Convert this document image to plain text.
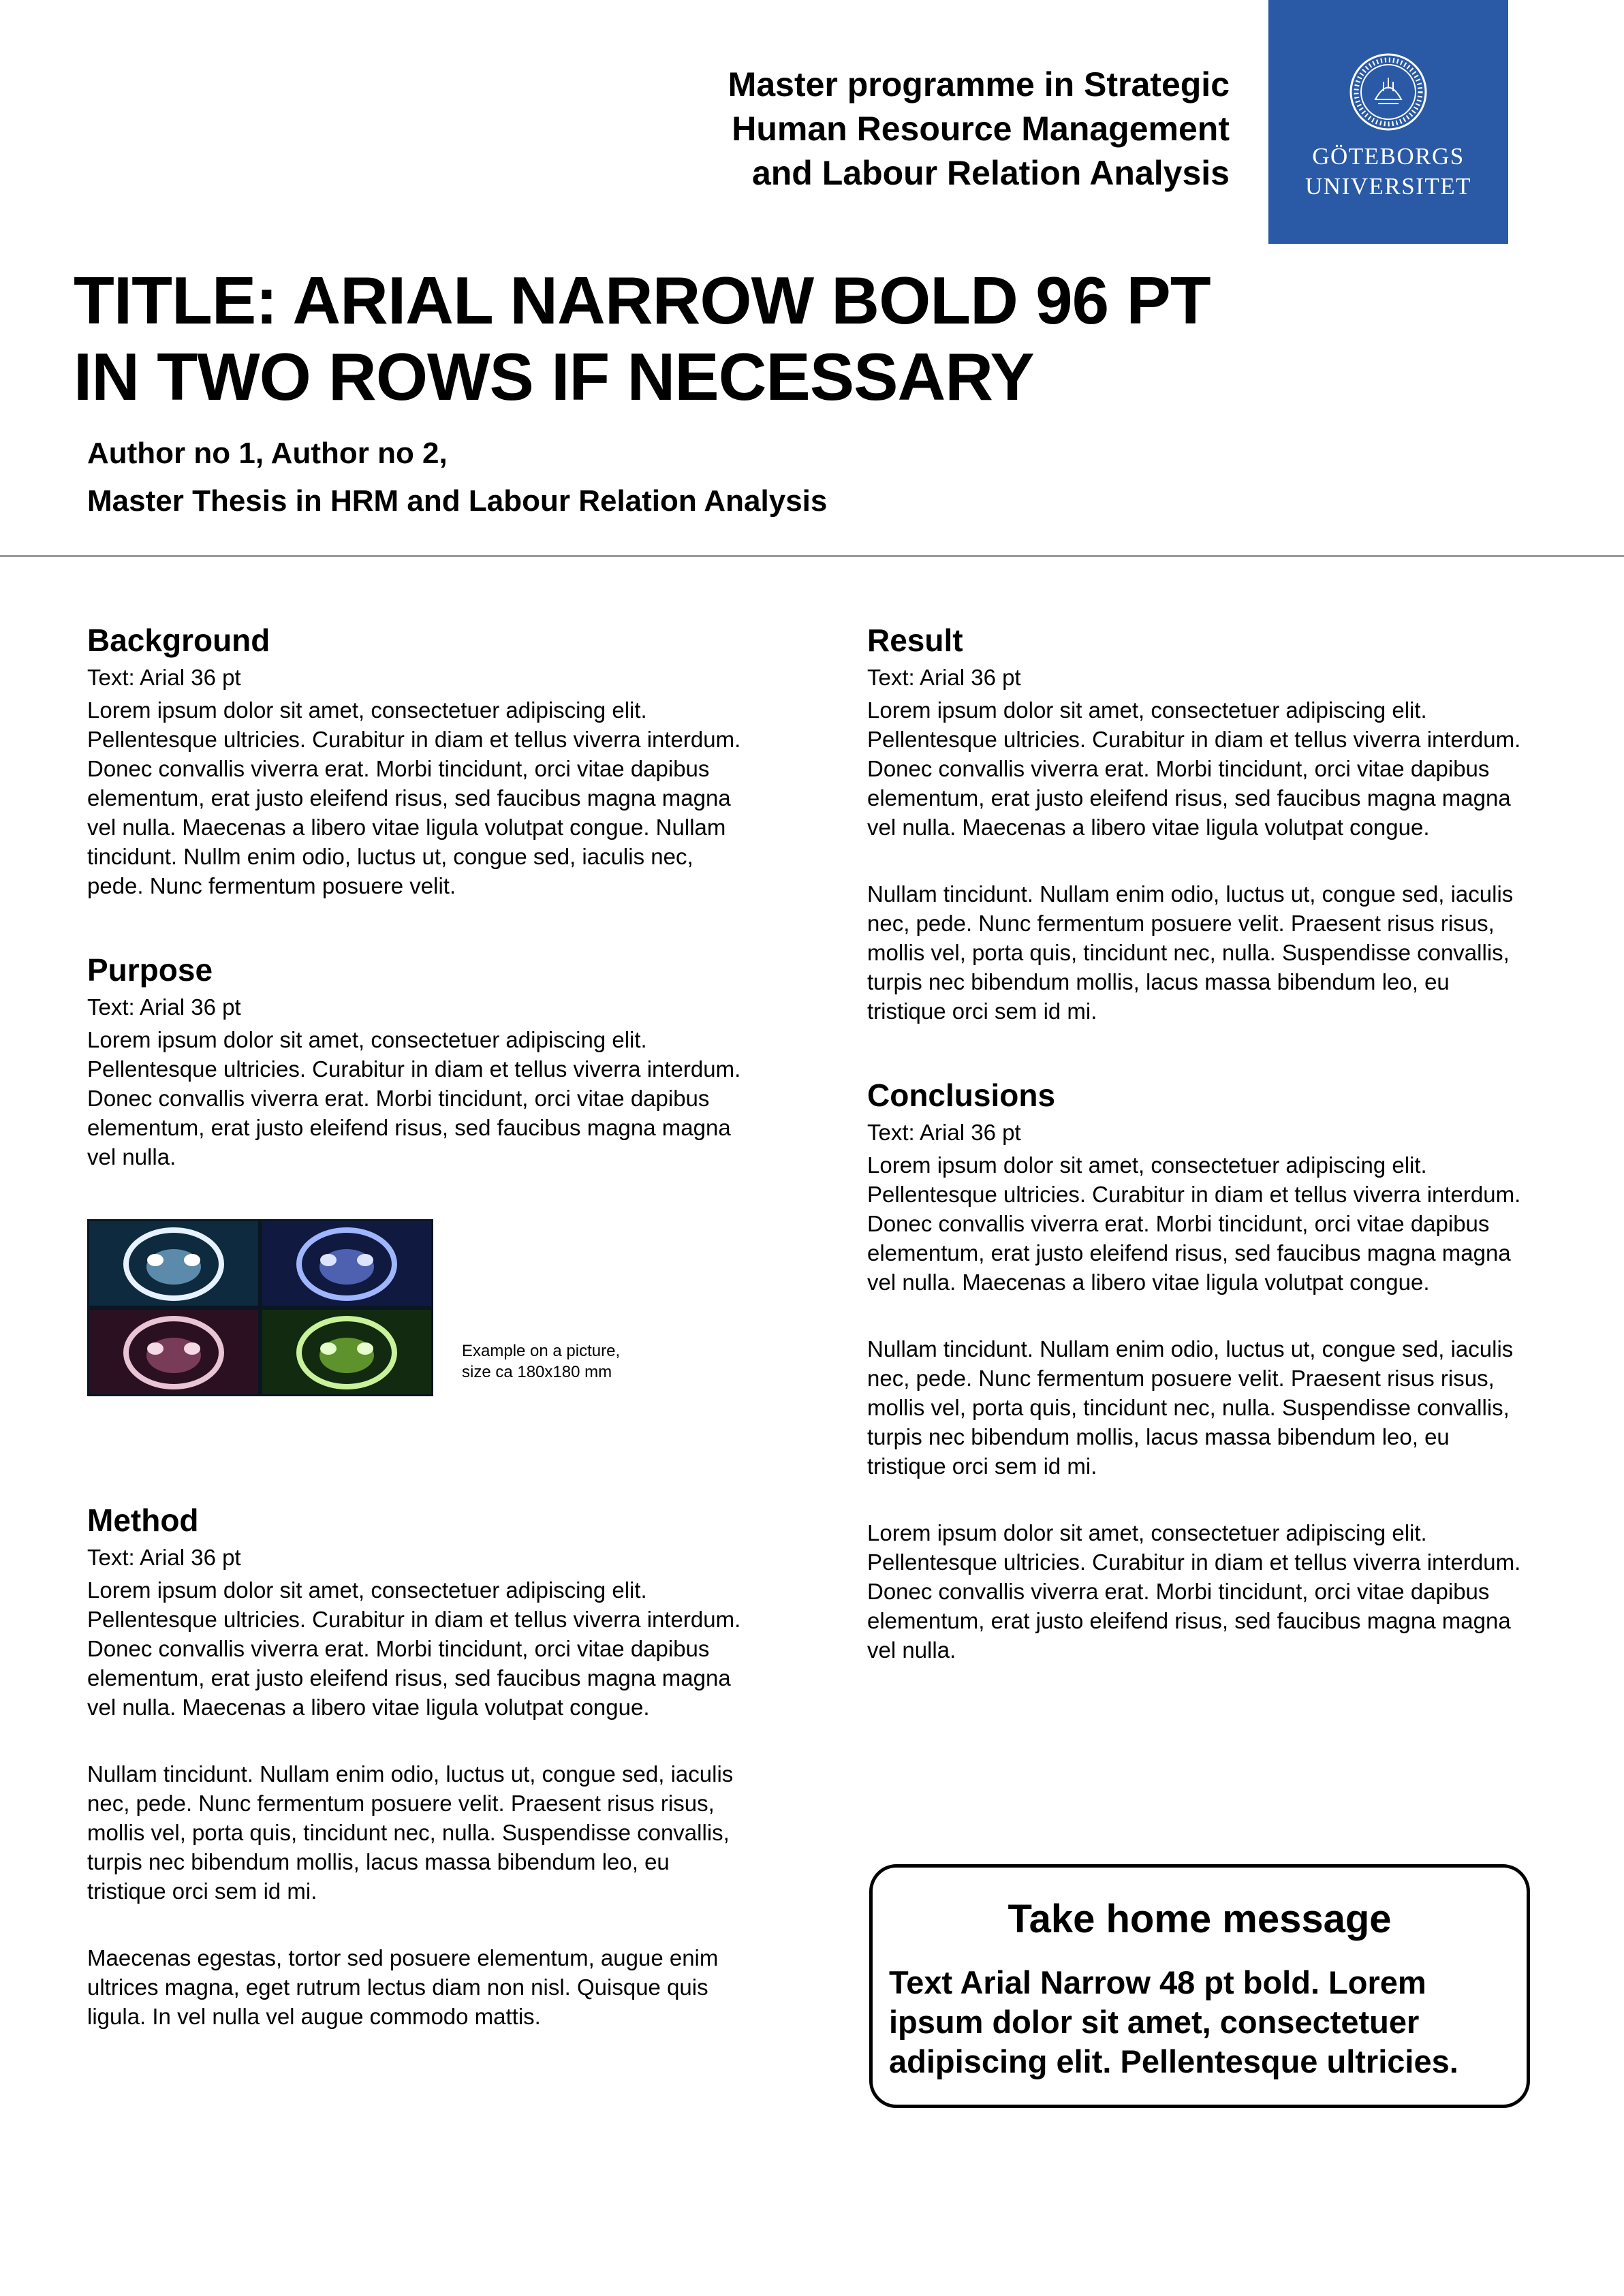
Master programme in Strategic
Human Resource Management
and Labour Relation Analysis	GÖTEBORGS
UNIVERSITET
TITLE: ARIAL NARROW BOLD 96 PT
IN TWO ROWS IF NECESSARY
Author no 1, Author no 2,
Master Thesis in HRM and Labour Relation Analysis
Background
Text: Arial 36 pt

Lorem ipsum dolor sit amet, consectetuer adipiscing elit. Pellentesque ultricies. Curabitur in diam et tellus viverra interdum. Donec convallis viverra erat. Morbi tincidunt, orci vitae dapibus elementum, erat justo eleifend risus, sed faucibus magna magna vel nulla. Maecenas a libero vitae ligula volutpat congue. Nullam tincidunt. Nullm enim odio, luctus ut, congue sed, iaculis nec, pede. Nunc fermentum posuere velit.

Purpose
Text: Arial 36 pt

Lorem ipsum dolor sit amet, consectetuer adipiscing elit. Pellentesque ultricies. Curabitur in diam et tellus viverra interdum. Donec convallis viverra erat. Morbi tincidunt, orci vitae dapibus elementum, erat justo eleifend risus, sed faucibus magna magna vel nulla.

Example on a picture,
size ca 180x180 mm
Method
Text: Arial 36 pt

Lorem ipsum dolor sit amet, consectetuer adipiscing elit. Pellentesque ultricies. Curabitur in diam et tellus viverra interdum. Donec convallis viverra erat. Morbi tincidunt, orci vitae dapibus elementum, erat justo eleifend risus, sed faucibus magna magna vel nulla. Maecenas a libero vitae ligula volutpat congue.

Nullam tincidunt. Nullam enim odio, luctus ut, congue sed, iaculis nec, pede. Nunc fermentum posuere velit. Praesent risus risus, mollis vel, porta quis, tincidunt nec, nulla. Suspendisse convallis, turpis nec bibendum mollis, lacus massa bibendum leo, eu tristique orci sem id mi.

Maecenas egestas, tortor sed posuere elementum, augue enim ultrices magna, eget rutrum lectus diam non nisl. Quisque quis ligula. In vel nulla vel augue commodo mattis.

Result
Text: Arial 36 pt

Lorem ipsum dolor sit amet, consectetuer adipiscing elit. Pellentesque ultricies. Curabitur in diam et tellus viverra interdum. Donec convallis viverra erat. Morbi tincidunt, orci vitae dapibus elementum, erat justo eleifend risus, sed faucibus magna magna vel nulla. Maecenas a libero vitae ligula volutpat congue.

Nullam tincidunt. Nullam enim odio, luctus ut, congue sed, iaculis nec, pede. Nunc fermentum posuere velit. Praesent risus risus, mollis vel, porta quis, tincidunt nec, nulla. Suspendisse convallis, turpis nec bibendum mollis, lacus massa bibendum leo, eu tristique orci sem id mi.

Conclusions
Text: Arial 36 pt

Lorem ipsum dolor sit amet, consectetuer adipiscing elit. Pellentesque ultricies. Curabitur in diam et tellus viverra interdum. Donec convallis viverra erat. Morbi tincidunt, orci vitae dapibus elementum, erat justo eleifend risus, sed faucibus magna magna vel nulla. Maecenas a libero vitae ligula volutpat congue.

Nullam tincidunt. Nullam enim odio, luctus ut, congue sed, iaculis nec, pede. Nunc fermentum posuere velit. Praesent risus risus, mollis vel, porta quis, tincidunt nec, nulla. Suspendisse convallis, turpis nec bibendum mollis, lacus massa bibendum leo, eu tristique orci sem id mi.

Lorem ipsum dolor sit amet, consectetuer adipiscing elit. Pellentesque ultricies. Curabitur in diam et tellus viverra interdum. Donec convallis viverra erat. Morbi tincidunt, orci vitae dapibus elementum, erat justo eleifend risus, sed faucibus magna magna vel nulla.

Take home message
Text Arial Narrow 48 pt bold. Lorem ipsum dolor sit amet, consectetuer adipiscing elit. Pellentesque ultricies.
